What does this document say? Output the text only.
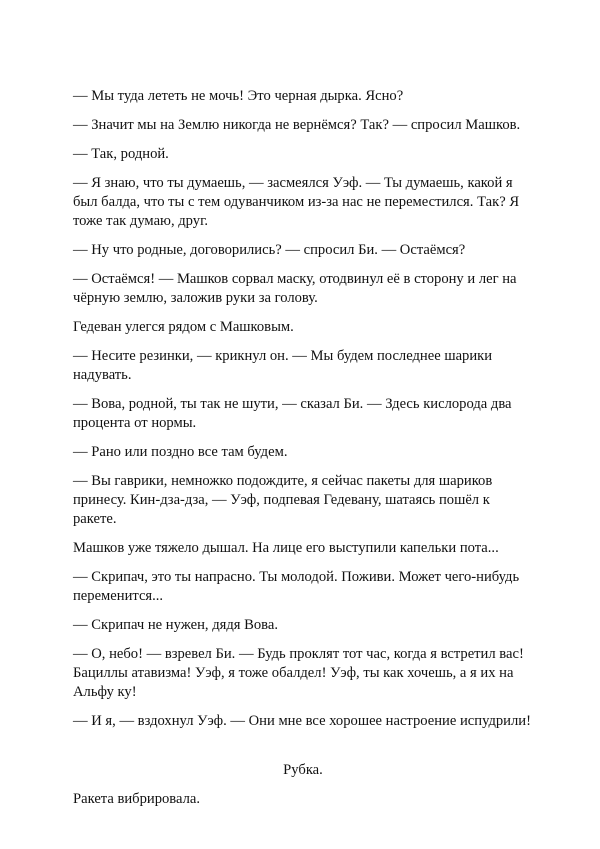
— Мы туда лететь не мочь! Это черная дырка. Ясно?

— Значит мы на Землю никогда не вернёмся? Так? — спросил Машков.

— Так, родной.

— Я знаю, что ты думаешь, — засмеялся Уэф. — Ты думаешь, какой я был балда, что ты с тем одуванчиком из-за нас не переместился. Так? Я тоже так думаю, друг.

— Ну что родные, договорились? — спросил Би. — Остаёмся?

— Остаёмся! — Машков сорвал маску, отодвинул её в сторону и лег на чёрную землю, заложив руки за голову.

Гедеван улегся рядом с Машковым.

— Несите резинки, — крикнул он. — Мы будем последнее шарики надувать.

— Вова, родной, ты так не шути, — сказал Би. — Здесь кислорода два процента от нормы.

— Рано или поздно все там будем.

— Вы гаврики, немножко подождите, я сейчас пакеты для шариков принесу. Кин-дза-дза, — Уэф, подпевая Гедевану, шатаясь пошёл к ракете.

Машков уже тяжело дышал. На лице его выступили капельки пота...

— Скрипач, это ты напрасно. Ты молодой. Поживи. Может чего-нибудь переменится...

— Скрипач не нужен, дядя Вова.

— О, небо! — взревел Би. — Будь проклят тот час, когда я встретил вас! Бациллы атавизма! Уэф, я тоже обалдел! Уэф, ты как хочешь, а я их на Альфу ку!

— И я, — вздохнул Уэф. — Они мне все хорошее настроение испудрили!

Рубка.

Ракета вибрировала.
